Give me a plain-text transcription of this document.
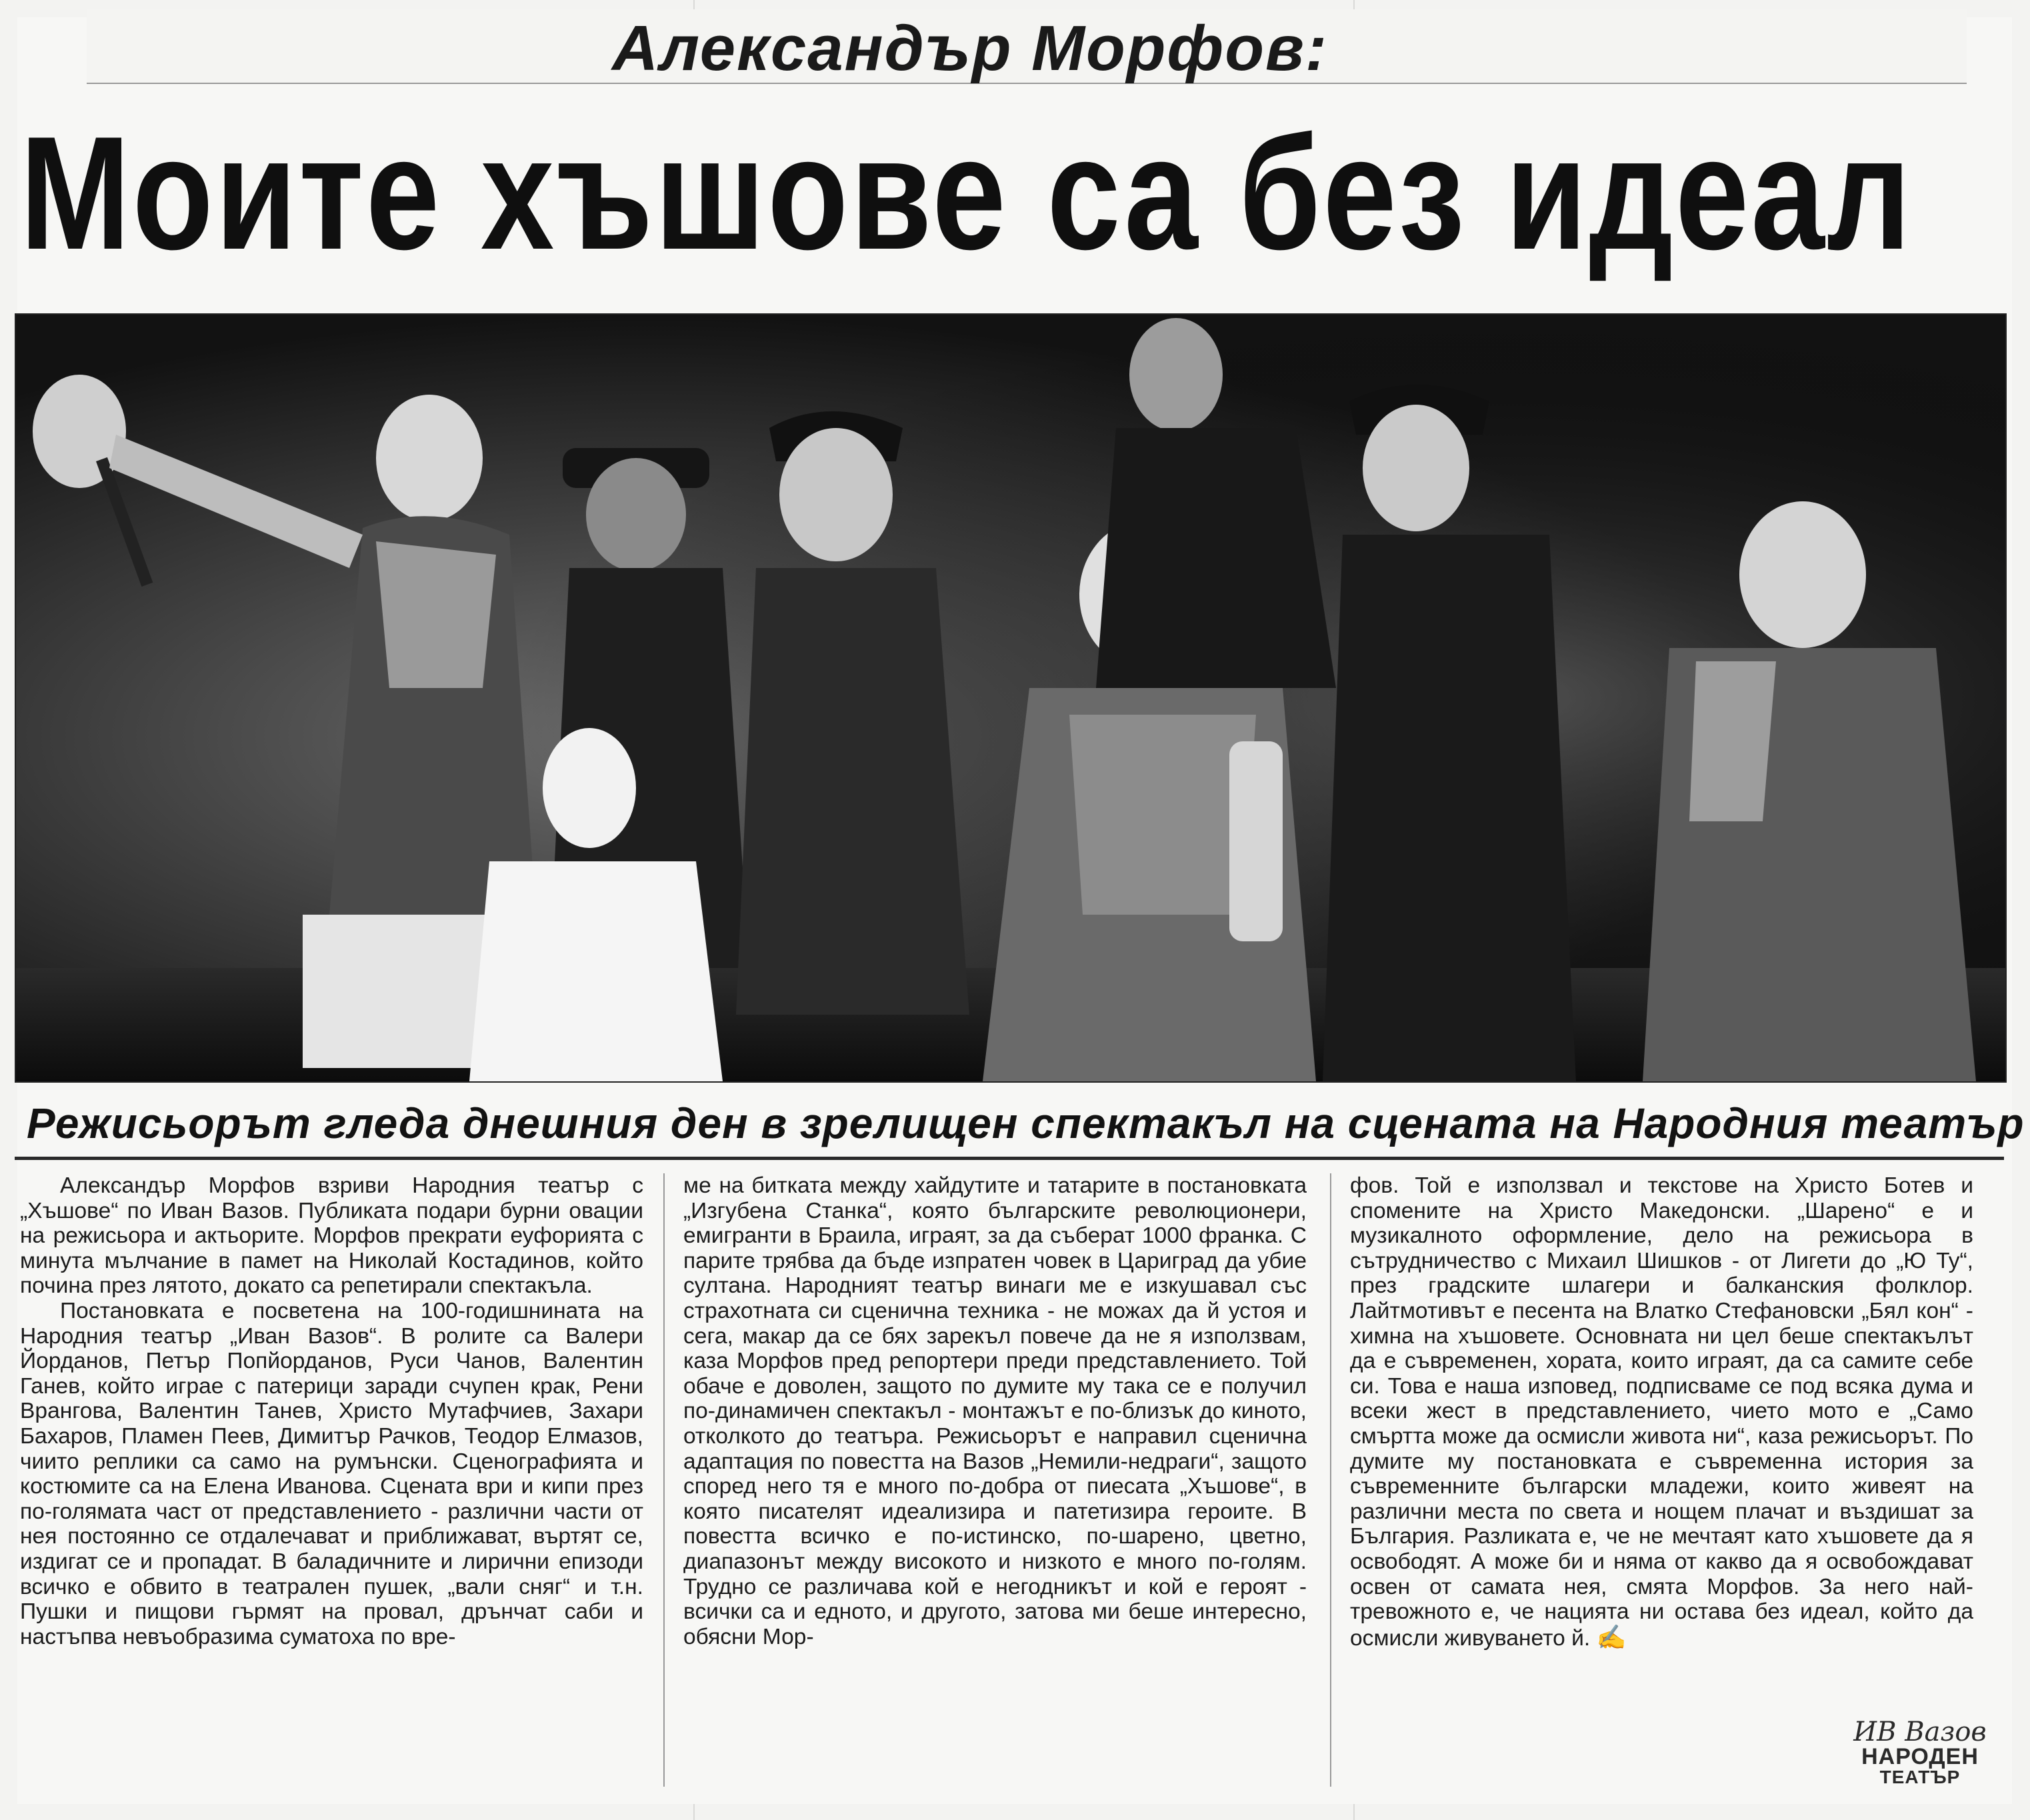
Александър Морфов:
Моите хъшове са без идеал
Режисьорът гледа днешния ден в зрелищен спектакъл на сцената на Народния театър

Александър Морфов взриви Народния театър с „Хъшове“ по Иван Вазов. Публиката подари бурни овации на режисьора и актьорите. Морфов прекрати еуфорията с минута мълчание в памет на Николай Костадинов, който почина през лятото, докато са репетирали спектакъла.

Постановката е посветена на 100-годишнината на Народния театър „Иван Вазов“. В ролите са Валери Йорданов, Петър Попйорданов, Руси Чанов, Валентин Ганев, който играе с патерици заради счупен крак, Рени Врангова, Валентин Танев, Христо Мутафчиев, Захари Бахаров, Пламен Пеев, Димитър Рачков, Теодор Елмазов, чиито реплики са само на румънски. Сценографията и костюмите са на Елена Иванова. Сцената ври и кипи през по-голямата част от представлението - различни части от нея постоянно се отдалечават и приближават, въртят се, издигат се и пропадат. В баладичните и лирични епизоди всичко е обвито в театрален пушек, „вали сняг“ и т.н. Пушки и пищови гърмят на провал, дрънчат саби и настъпва невъобразима суматоха по вре-

ме на битката между хайдутите и татарите в постановката „Изгубена Станка“, която българските революционери, емигранти в Браила, играят, за да съберат 1000 франка. С парите трябва да бъде изпратен човек в Цариград да убие султана. Народният театър винаги ме е изкушавал със страхотната си сценична техника - не можах да й устоя и сега, макар да се бях зарекъл повече да не я използвам, каза Морфов пред репортери преди представлението. Той обаче е доволен, защото по думите му така се е получил по-динамичен спектакъл - монтажът е по-близък до киното, отколкото до театъра. Режисьорът е направил сценична адаптация по повестта на Вазов „Немили-недраги“, защото според него тя е много по-добра от пиесата „Хъшове“, в която писателят идеализира и патетизира героите. В повестта всичко е по-истинско, по-шарено, цветно, диапазонът между високото и низкото е много по-голям. Трудно се различава кой е негодникът и кой е героят - всички са и едното, и другото, затова ми беше интересно, обясни Мор-

фов. Той е използвал и текстове на Христо Ботев и спомените на Христо Македонски. „Шарено“ е и музикалното оформление, дело на режисьора в сътрудничество с Михаил Шишков - от Лигети до „Ю Ту“, през градските шлагери и балканския фолклор. Лайтмотивът е песента на Влатко Стефановски „Бял кон“ - химна на хъшовете. Основната ни цел беше спектакълът да е съвременен, хората, които играят, да са самите себе си. Това е наша изповед, подписваме се под всяка дума и всеки жест в представлението, чието мото е „Само смъртта може да осмисли живота ни“, каза режисьорът. По думите му постановката е съвременна история за съвременните български младежи, които живеят на различни места по света и нощем плачат и въздишат за България. Разликата е, че не мечтаят като хъшовете да я освободят. А може би и няма от какво да я освобождават освен от самата нея, смята Морфов. За него най-тревожното е, че нацията ни остава без идеал, който да осмисли живуването й. ✍

ИВ Вазов
НАРОДЕН
ТЕАТЪР
